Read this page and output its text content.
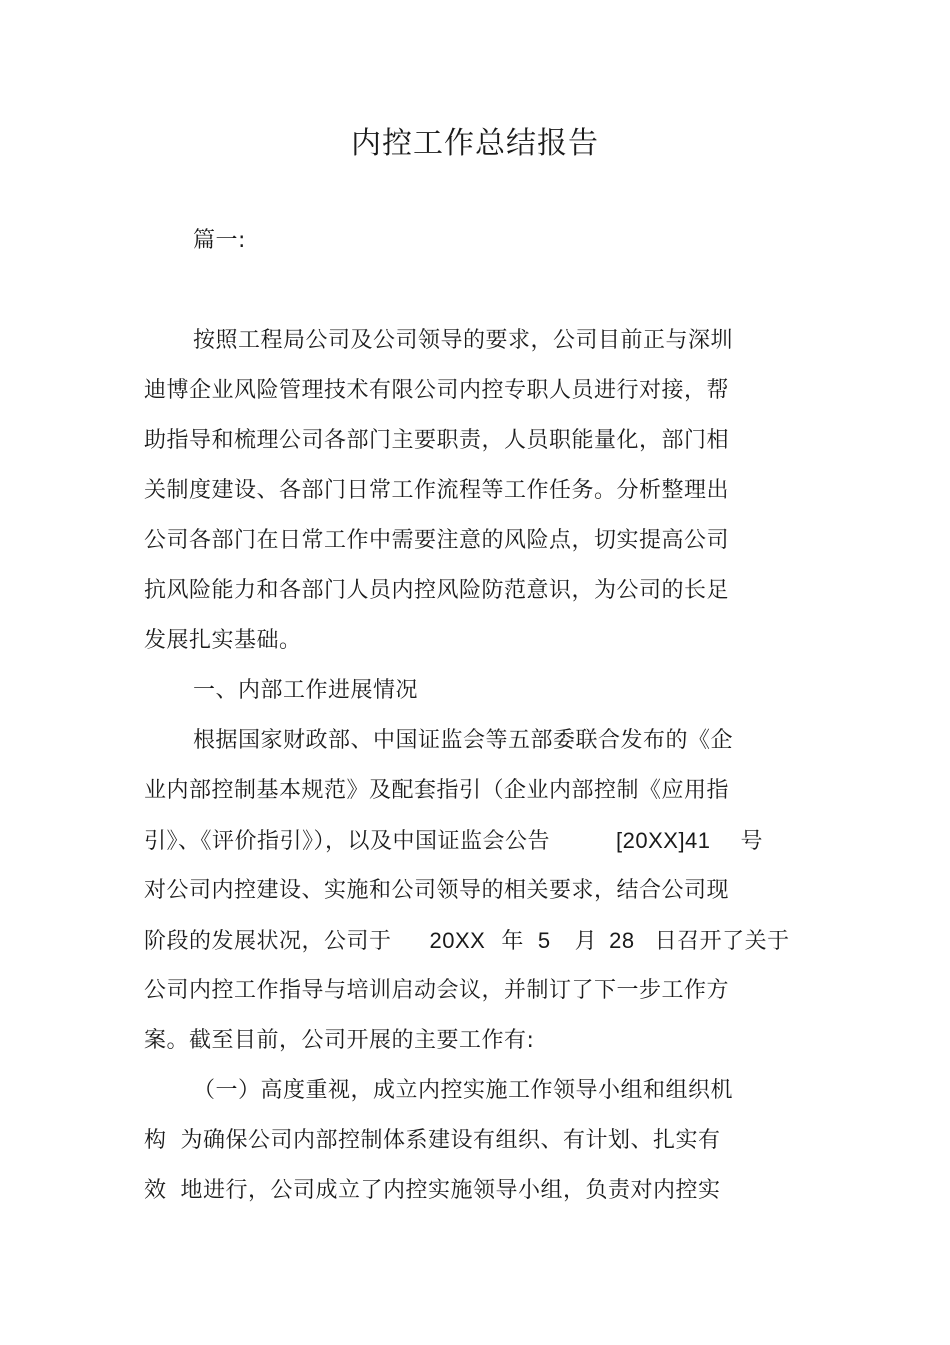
内控工作总结报告

篇一:

按照工程局公司及公司领导的要求，公司目前正与深圳

迪博企业风险管理技术有限公司内控专职人员进行对接，帮

助指导和梳理公司各部门主要职责，人员职能量化，部门相

关制度建设、各部门日常工作流程等工作任务。分析整理出

公司各部门在日常工作中需要注意的风险点，切实提高公司

抗风险能力和各部门人员内控风险防范意识，为公司的长足

发展扎实基础。

一、内部工作进展情况

根据国家财政部、中国证监会等五部委联合发布的《企

业内部控制基本规范》及配套指引（企业内部控制《应用指

引》、《评价指引》），以及中国证监会公告	[20XX]41 号

对公司内控建设、实施和公司领导的相关要求，结合公司现

阶段的发展状况，公司于 20XX 年 5 月 28 日召开了关于

公司内控工作指导与培训启动会议，并制订了下一步工作方

案。截至目前，公司开展的主要工作有:

（一）高度重视，成立内控实施工作领导小组和组织机

构 为确保公司内部控制体系建设有组织、有计划、扎实有

效 地进行，公司成立了内控实施领导小组，负责对内控实
